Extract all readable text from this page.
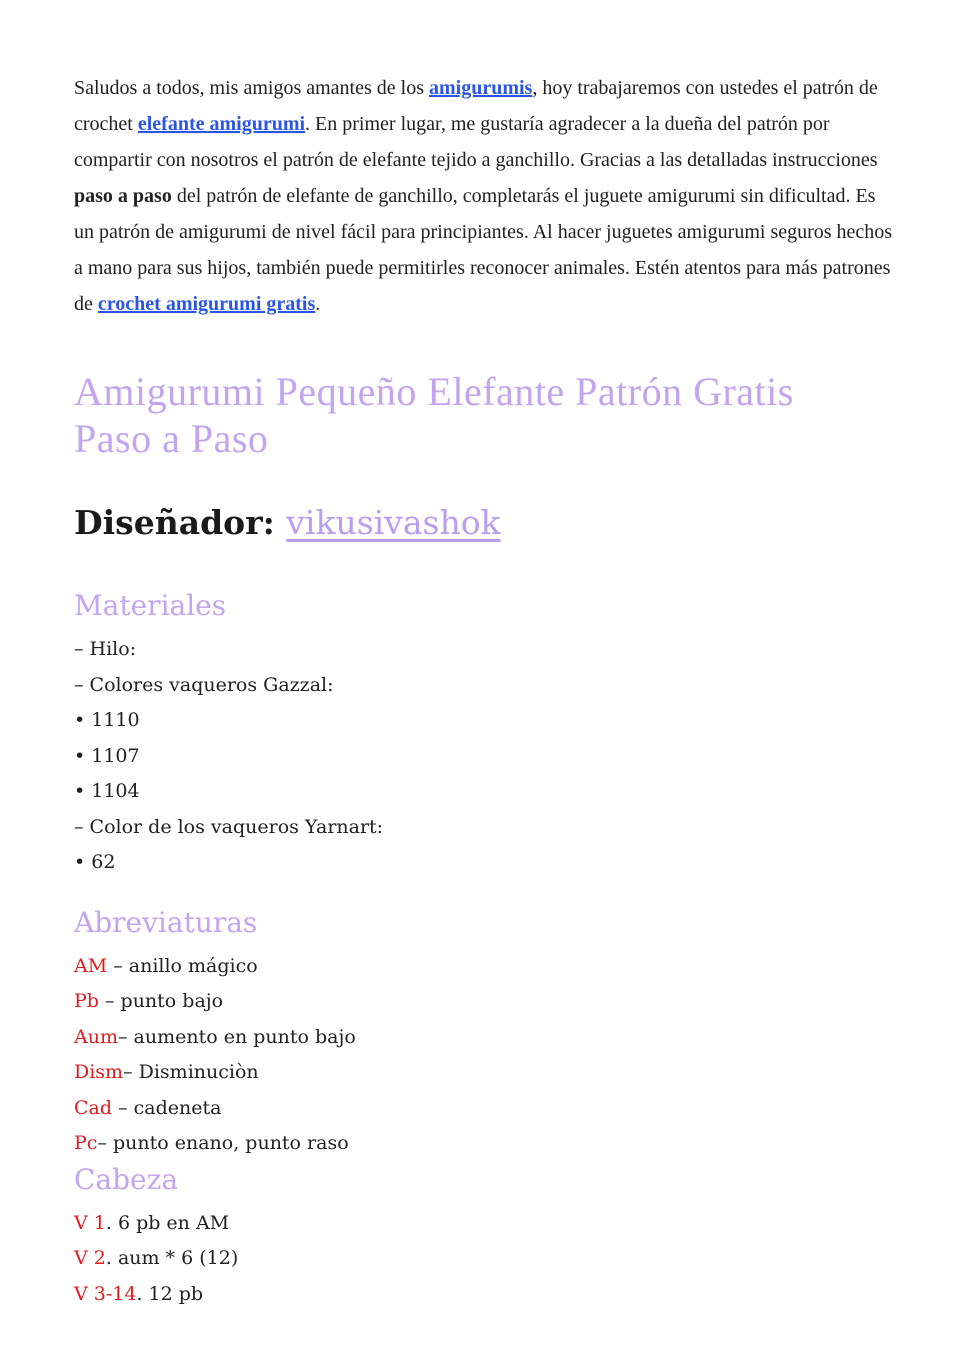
Saludos a todos, mis amigos amantes de los amigurumis, hoy trabajaremos con ustedes el patrón de crochet elefante amigurumi. En primer lugar, me gustaría agradecer a la dueña del patrón por compartir con nosotros el patrón de elefante tejido a ganchillo. Gracias a las detalladas instrucciones paso a paso del patrón de elefante de ganchillo, completarás el juguete amigurumi sin dificultad. Es un patrón de amigurumi de nivel fácil para principiantes. Al hacer juguetes amigurumi seguros hechos a mano para sus hijos, también puede permitirles reconocer animales. Estén atentos para más patrones de crochet amigurumi gratis.

Amigurumi Pequeño Elefante Patrón Gratis
Paso a Paso
Diseñador: vikusivashok
Materiales

– Hilo:

– Colores vaqueros Gazzal:

• 1110

• 1107

• 1104

– Color de los vaqueros Yarnart:

• 62

Abreviaturas

AM – anillo mágico

Pb – punto bajo

Aum– aumento en punto bajo

Dism– Disminuciòn

Cad – cadeneta

Pc– punto enano, punto raso

Cabeza

V 1. 6 pb en AM

V 2. aum * 6 (12)

V 3-14. 12 pb
